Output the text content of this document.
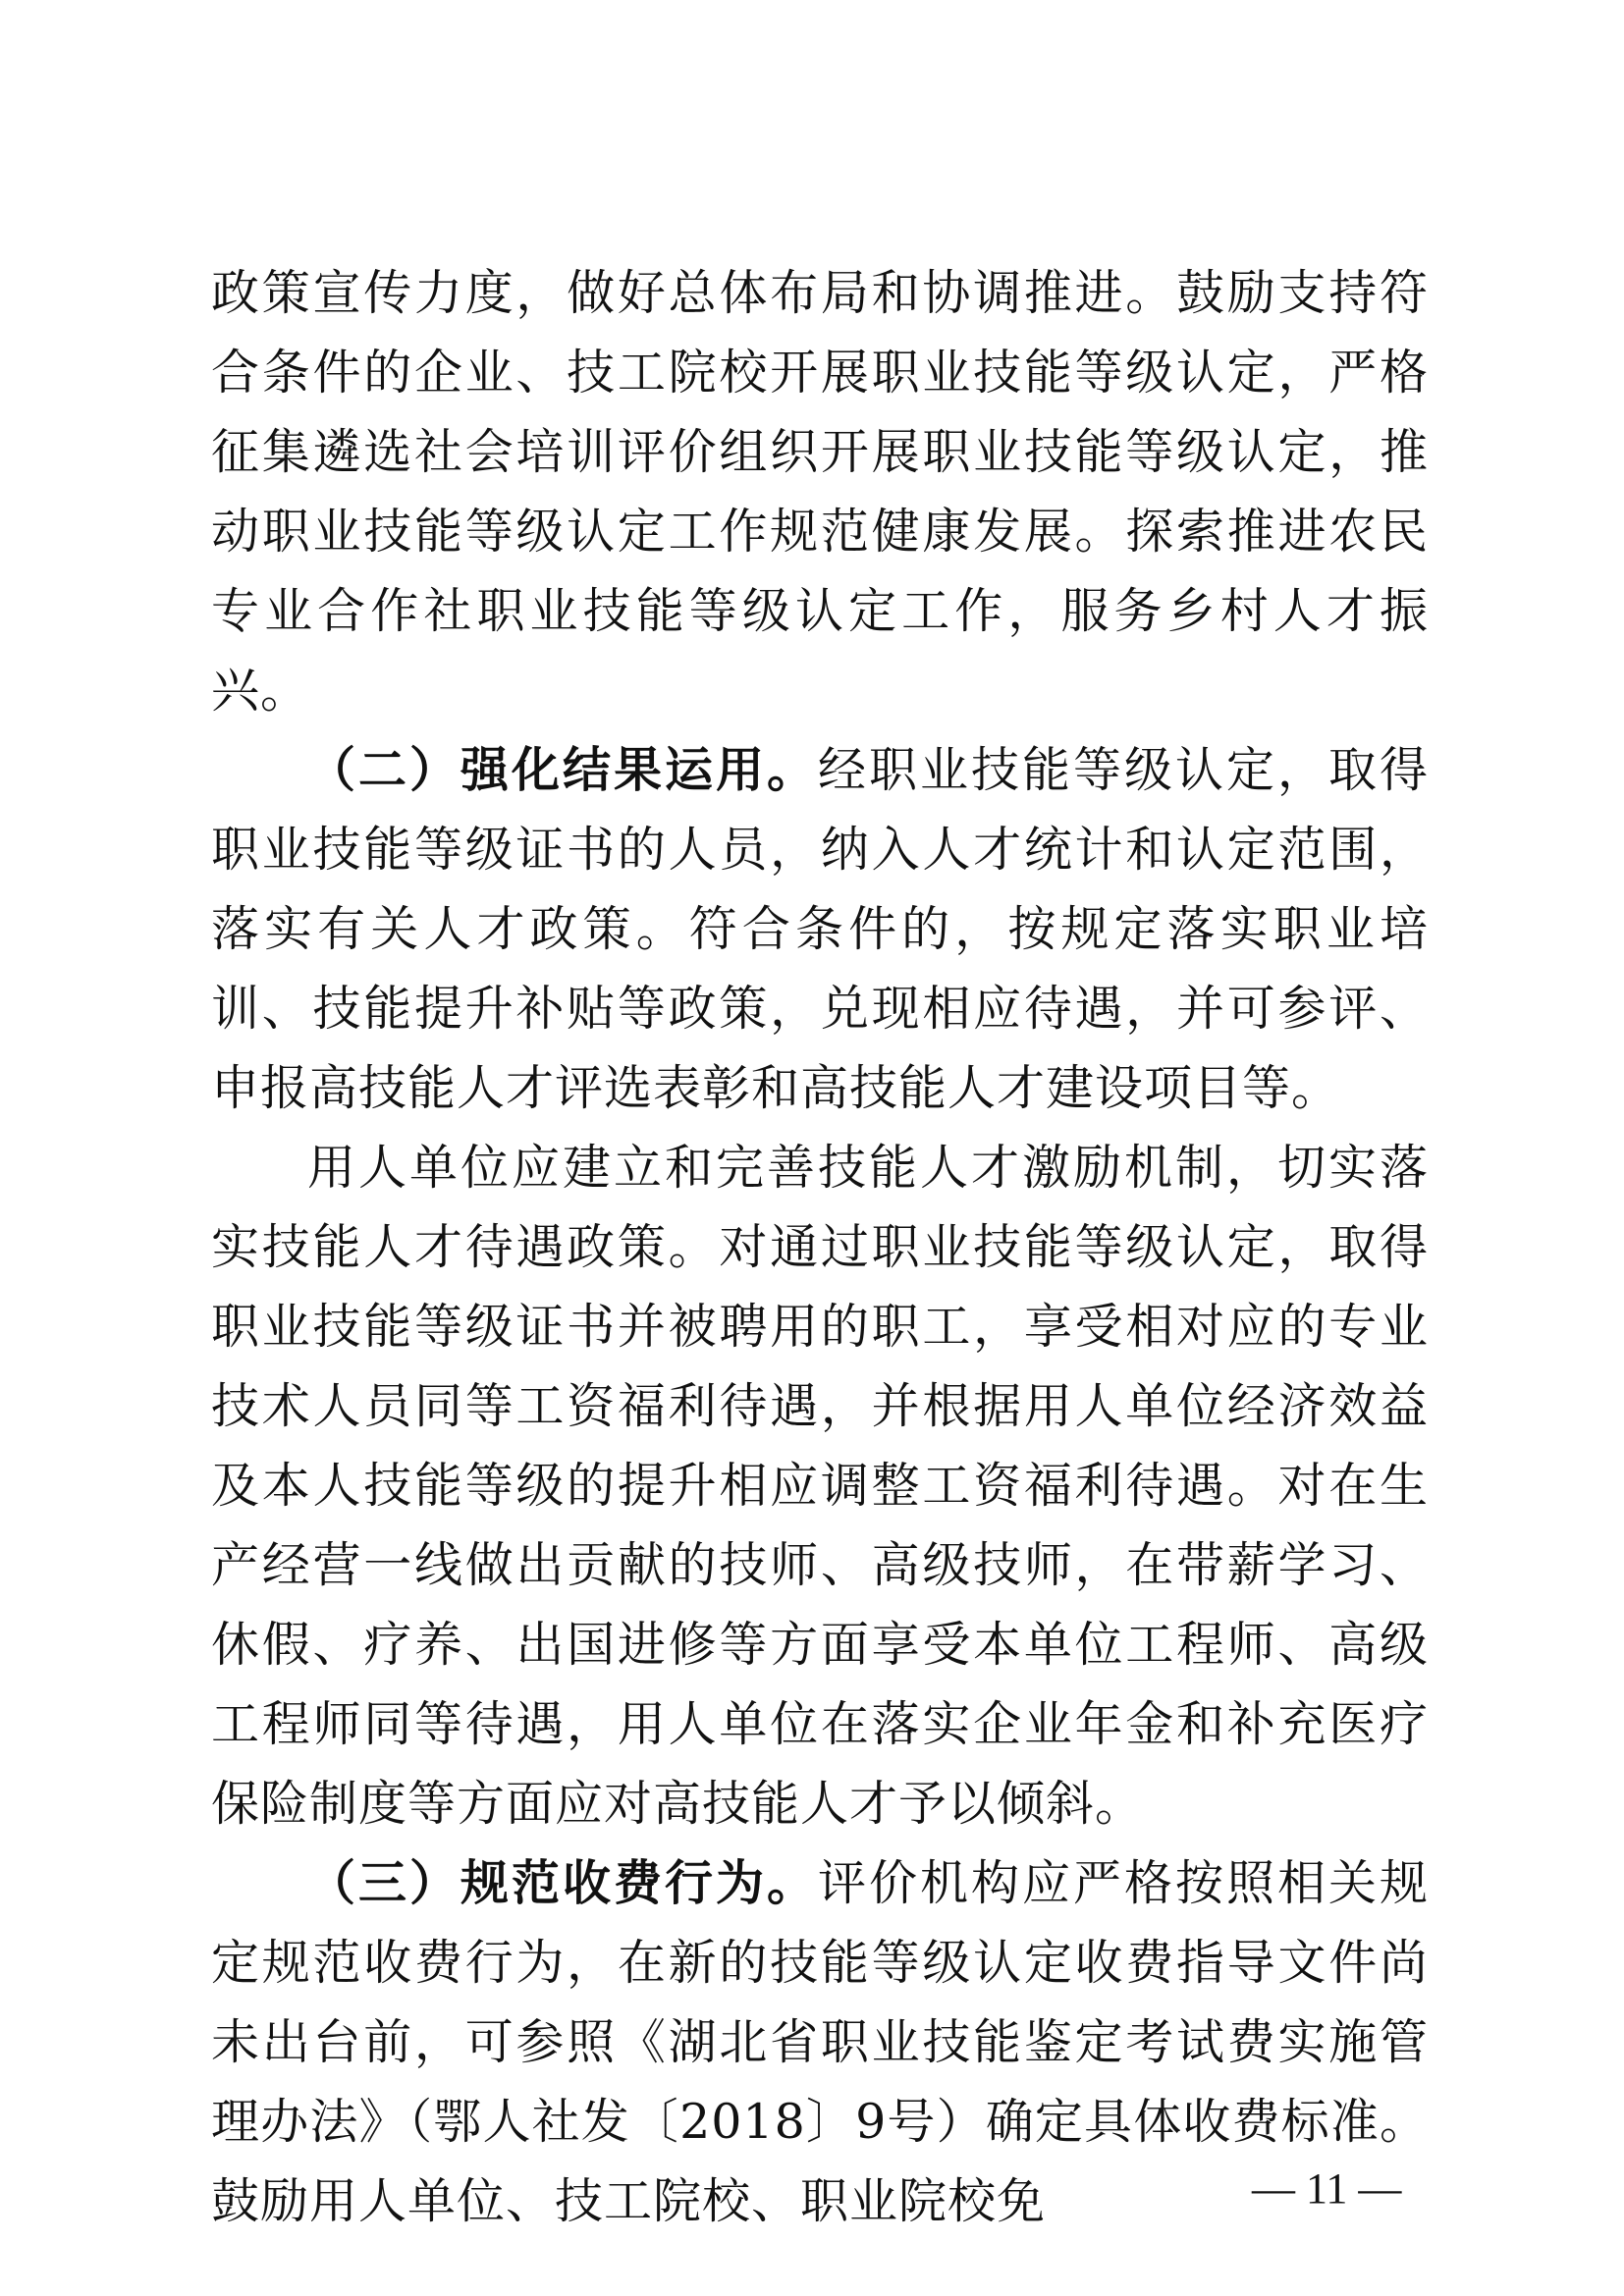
政策宣传力度，做好总体布局和协调推进。鼓励支持符合条件的企业、技工院校开展职业技能等级认定，严格征集遴选社会培训评价组织开展职业技能等级认定，推动职业技能等级认定工作规范健康发展。探索推进农民专业合作社职业技能等级认定工作，服务乡村人才振兴。

（二）强化结果运用。经职业技能等级认定，取得职业技能等级证书的人员，纳入人才统计和认定范围，落实有关人才政策。符合条件的，按规定落实职业培训、技能提升补贴等政策，兑现相应待遇，并可参评、申报高技能人才评选表彰和高技能人才建设项目等。

用人单位应建立和完善技能人才激励机制，切实落实技能人才待遇政策。对通过职业技能等级认定，取得职业技能等级证书并被聘用的职工，享受相对应的专业技术人员同等工资福利待遇，并根据用人单位经济效益及本人技能等级的提升相应调整工资福利待遇。对在生产经营一线做出贡献的技师、高级技师，在带薪学习、休假、疗养、出国进修等方面享受本单位工程师、高级工程师同等待遇，用人单位在落实企业年金和补充医疗保险制度等方面应对高技能人才予以倾斜。

（三）规范收费行为。评价机构应严格按照相关规定规范收费行为，在新的技能等级认定收费指导文件尚未出台前，可参照《湖北省职业技能鉴定考试费实施管理办法》（鄂人社发〔2018〕9号）确定具体收费标准。鼓励用人单位、技工院校、职业院校免	— 11 —
